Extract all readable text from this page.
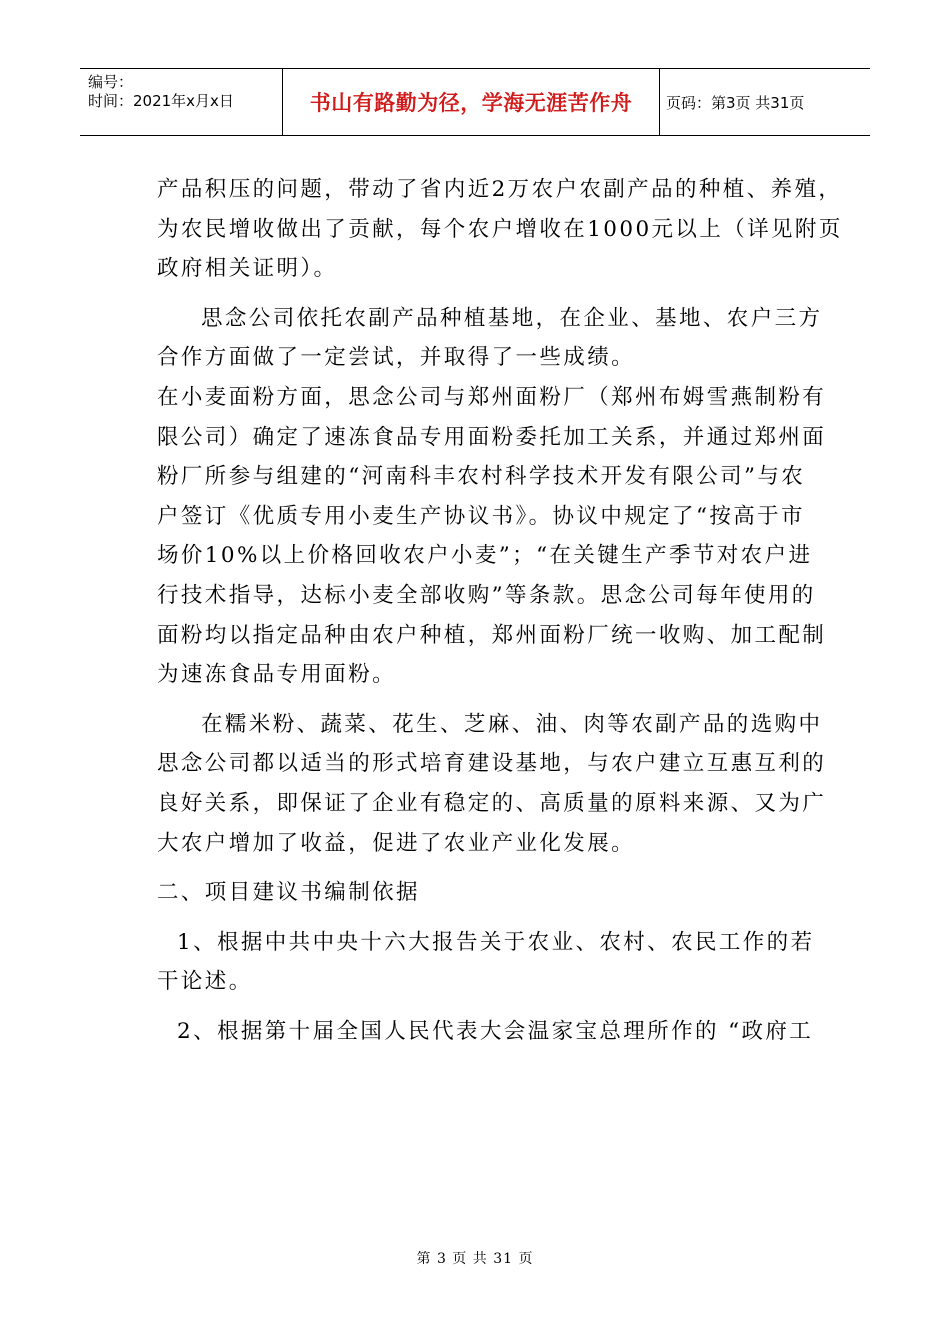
编号：
时间：2021年x月x日	书山有路勤为径，学海无涯苦作舟	页码：第3页 共31页
产品积压的问题，带动了省内近2万农户农副产品的种植、养殖，
为农民增收做出了贡献，每个农户增收在1000元以上（详见附页
政府相关证明）。
思念公司依托农副产品种植基地，在企业、基地、农户三方
合作方面做了一定尝试，并取得了一些成绩。
在小麦面粉方面，思念公司与郑州面粉厂（郑州布姆雪燕制粉有
限公司）确定了速冻食品专用面粉委托加工关系，并通过郑州面
粉厂所参与组建的“河南科丰农村科学技术开发有限公司”与农
户签订《优质专用小麦生产协议书》。协议中规定了“按高于市
场价10%以上价格回收农户小麦”；“在关键生产季节对农户进
行技术指导，达标小麦全部收购”等条款。思念公司每年使用的
面粉均以指定品种由农户种植，郑州面粉厂统一收购、加工配制
为速冻食品专用面粉。
在糯米粉、蔬菜、花生、芝麻、油、肉等农副产品的选购中
思念公司都以适当的形式培育建设基地，与农户建立互惠互利的
良好关系，即保证了企业有稳定的、高质量的原料来源、又为广
大农户增加了收益，促进了农业产业化发展。
二、项目建议书编制依据
1、根据中共中央十六大报告关于农业、农村、农民工作的若
干论述。
2、根据第十届全国人民代表大会温家宝总理所作的 “政府工
第 3 页 共 31 页
